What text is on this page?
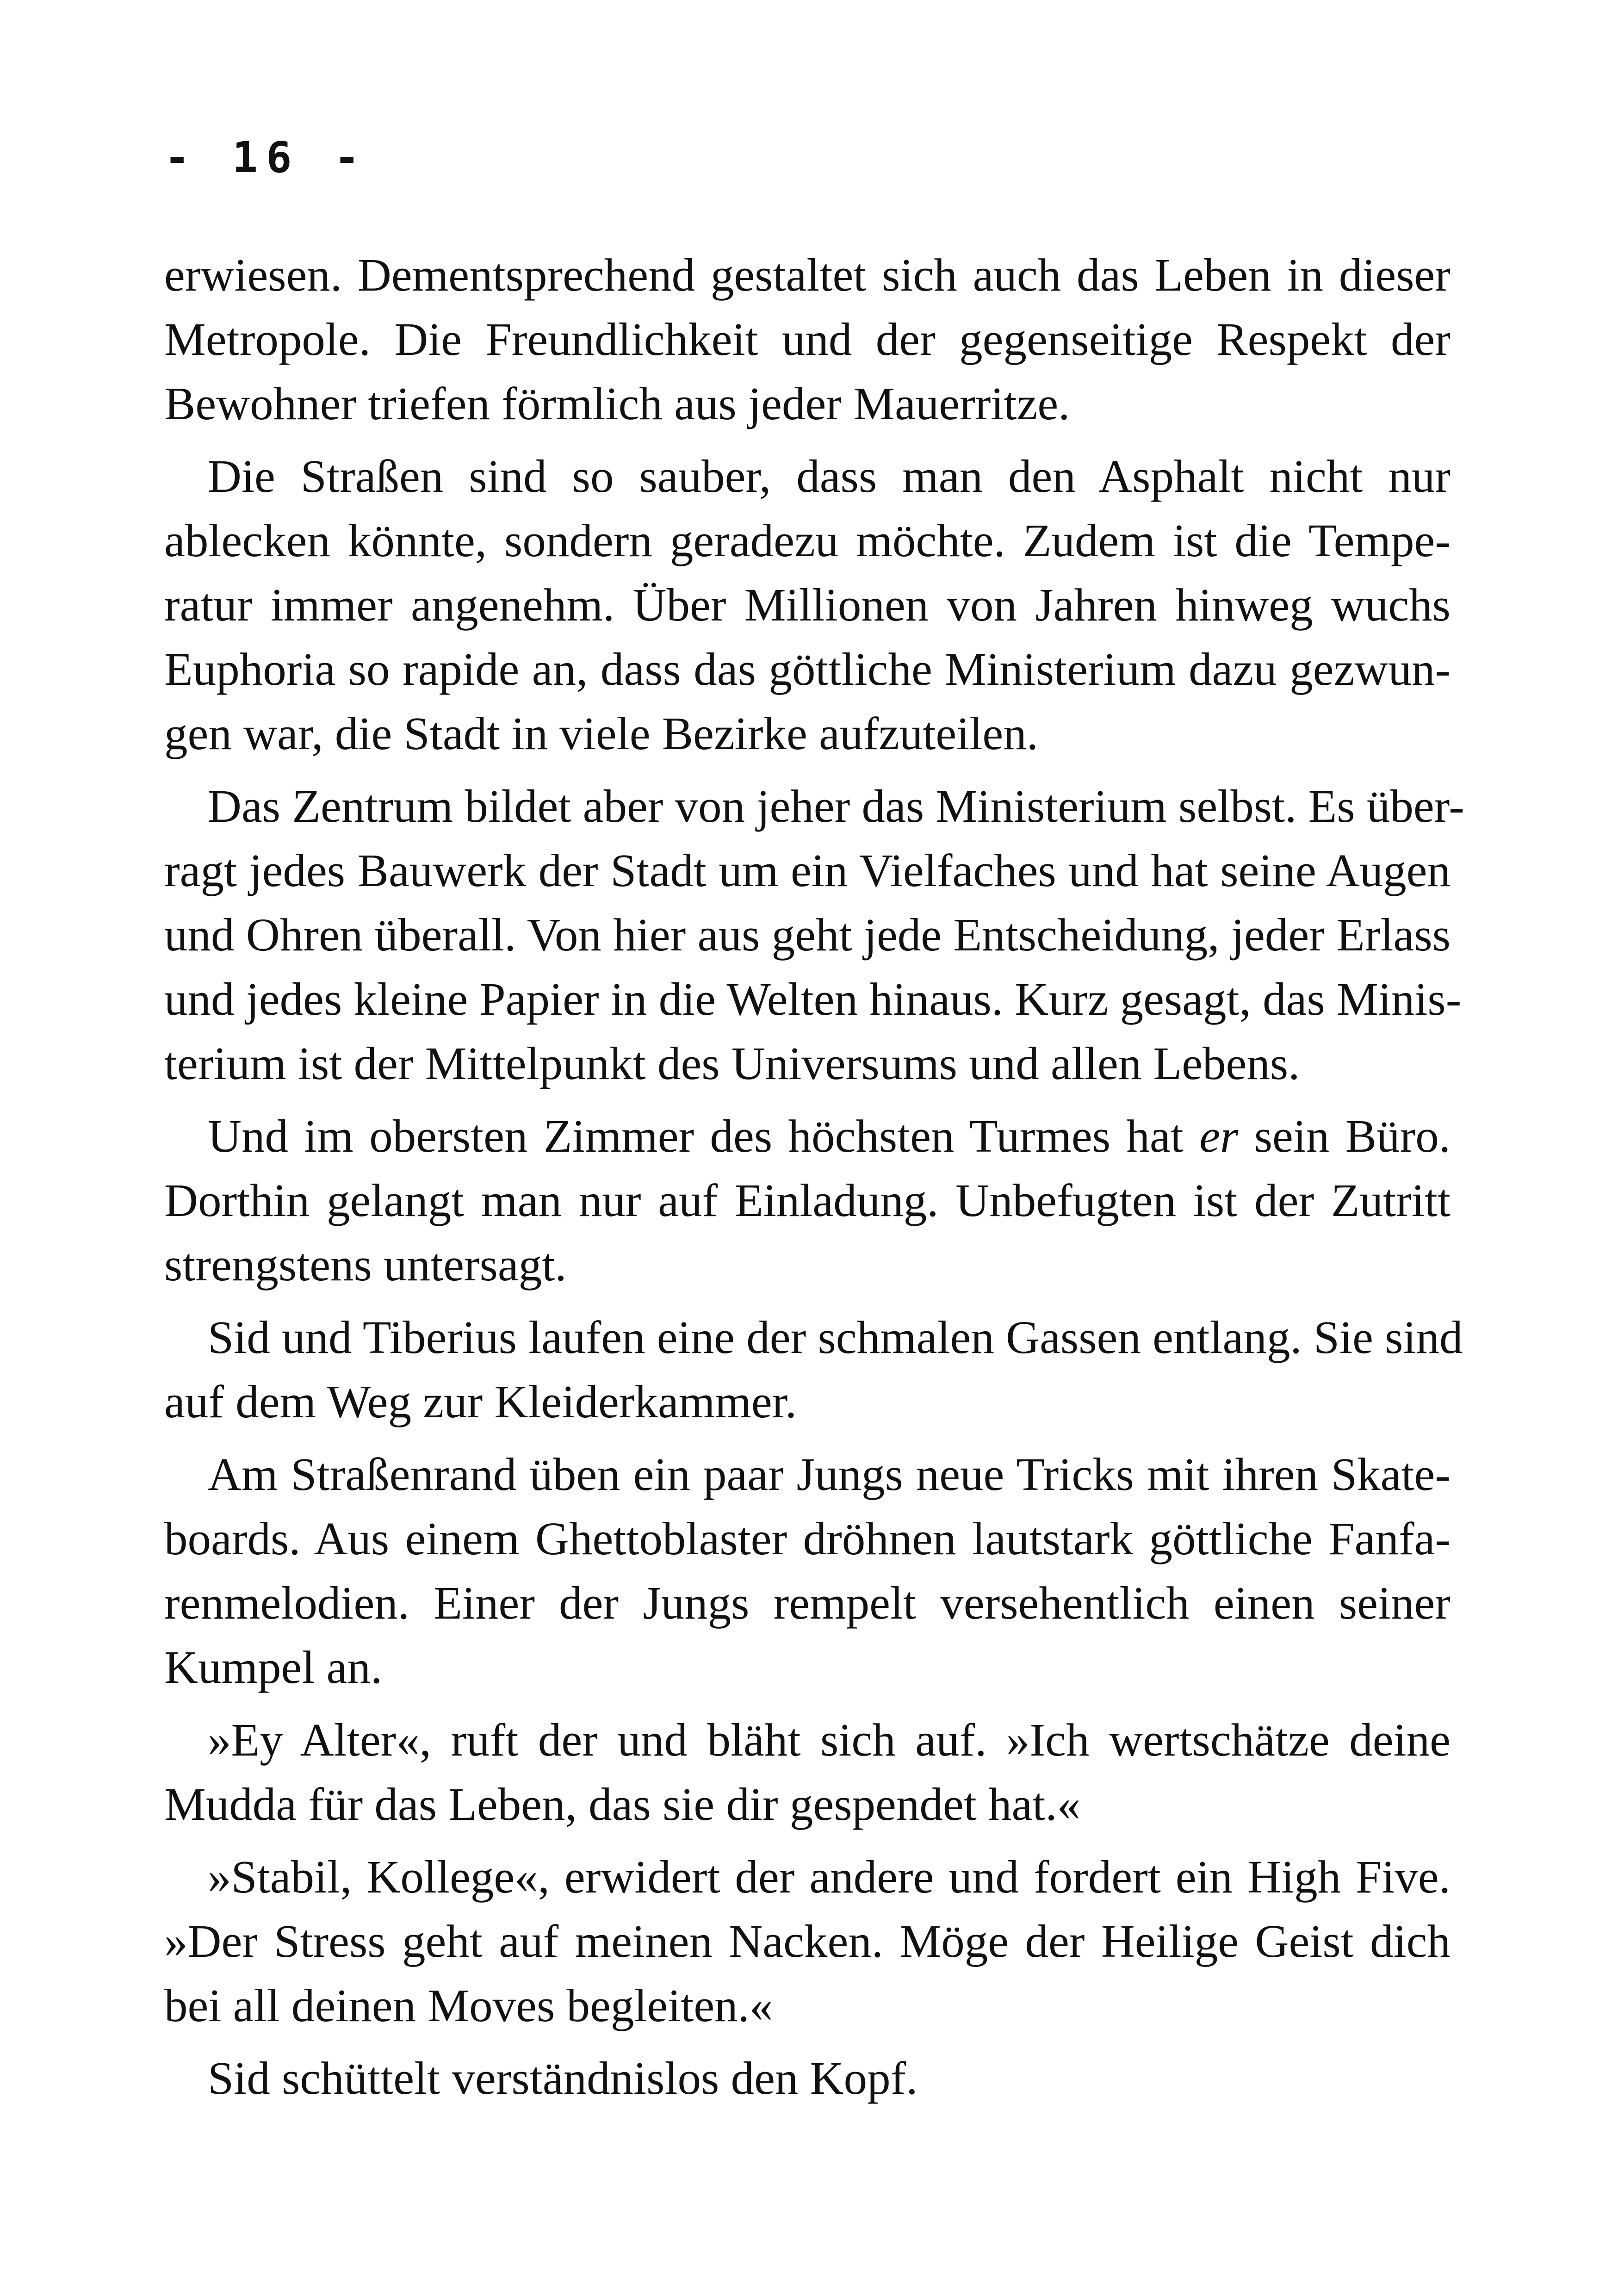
- 16 -
erwiesen. Dementsprechend gestaltet sich auch das Leben in dieser
Metropole. Die Freundlichkeit und der gegenseitige Respekt der
Bewohner triefen förmlich aus jeder Mauerritze.
Die Straßen sind so sauber, dass man den Asphalt nicht nur
ablecken könnte, sondern geradezu möchte. Zudem ist die Tempe-
ratur immer angenehm. Über Millionen von Jahren hinweg wuchs
Euphoria so rapide an, dass das göttliche Ministerium dazu gezwun-
gen war, die Stadt in viele Bezirke aufzuteilen.
Das Zentrum bildet aber von jeher das Ministerium selbst. Es über-
ragt jedes Bauwerk der Stadt um ein Vielfaches und hat seine Augen
und Ohren überall. Von hier aus geht jede Entscheidung, jeder Erlass
und jedes kleine Papier in die Welten hinaus. Kurz gesagt, das Minis-
terium ist der Mittelpunkt des Universums und allen Lebens.
Und im obersten Zimmer des höchsten Turmes hat er sein Büro.
Dorthin gelangt man nur auf Einladung. Unbefugten ist der Zutritt
strengstens untersagt.
Sid und Tiberius laufen eine der schmalen Gassen entlang. Sie sind
auf dem Weg zur Kleiderkammer.
Am Straßenrand üben ein paar Jungs neue Tricks mit ihren Skate-
boards. Aus einem Ghettoblaster dröhnen lautstark göttliche Fanfa-
renmelodien. Einer der Jungs rempelt versehentlich einen seiner
Kumpel an.
»Ey Alter«, ruft der und bläht sich auf. »Ich wertschätze deine
Mudda für das Leben, das sie dir gespendet hat.«
»Stabil, Kollege«, erwidert der andere und fordert ein High Five.
»Der Stress geht auf meinen Nacken. Möge der Heilige Geist dich
bei all deinen Moves begleiten.«
Sid schüttelt verständnislos den Kopf.
